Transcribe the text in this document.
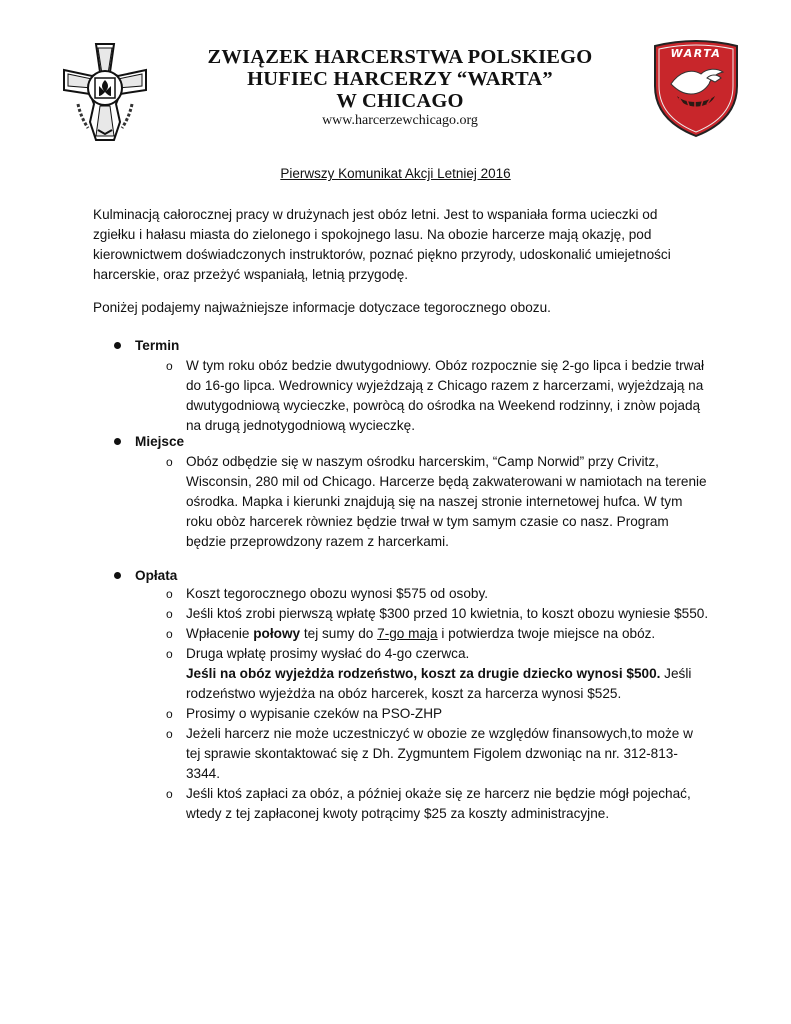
ZWIĄZEK HARCERSTWA POLSKIEGO
HUFIEC HARCERZY “WARTA”
W CHICAGO
www.harcerzewchicago.org
WARTA
Pierwszy Komunikat Akcji Letniej 2016
Kulminacją całorocznej pracy w drużynach jest obóz letni. Jest to wspaniała forma ucieczki od zgiełku i hałasu miasta do zielonego i spokojnego lasu. Na obozie harcerze mają okazję, pod kierownictwem doświadczonych instruktorów, poznać piękno przyrody, udoskonalić umiejetności harcerskie, oraz przeżyć wspaniałą, letnią przygodę.
Poniżej podajemy najważniejsze informacje dotyczace tegorocznego obozu.
Termin
o W tym roku obóz bedzie dwutygodniowy. Obóz rozpocznie się 2-go lipca i bedzie trwał do 16-go lipca. Wedrownicy wyjeżdzają z Chicago razem z harcerzami, wyjeżdzają na dwutygodniową wycieczke, powròcą do ośrodka na Weekend rodzinny, i znòw pojadą na drugą jednotygodniową wycieczkę.
Miejsce
o Obóz odbędzie się w naszym ośrodku harcerskim, “Camp Norwid” przy Crivitz, Wisconsin, 280 mil od Chicago. Harcerze będą zakwaterowani w namiotach na terenie ośrodka. Mapka i kierunki znajdują się na naszej stronie internetowej hufca. W tym roku obòz harcerek ròwniez będzie trwał w tym samym czasie co nasz. Program będzie przeprowdzony razem z harcerkami.
Opłata
o Koszt tegorocznego obozu wynosi $575 od osoby.
o Jeśli ktoś zrobi pierwszą wpłatę $300 przed 10 kwietnia, to koszt obozu wyniesie $550.
o Wpłacenie połowy tej sumy do 7-go maja i potwierdza twoje miejsce na obóz.
o Druga wpłatę prosimy wysłać do 4-go czerwca.
Jeśli na obóz wyjeżdża rodzeństwo, koszt za drugie dziecko wynosi $500. Jeśli rodzeństwo wyjeżdża na obóz harcerek, koszt za harcerza wynosi $525.
o Prosimy o wypisanie czeków na PSO-ZHP
o Jeżeli harcerz nie może uczestniczyć w obozie ze względów finansowych,to może w tej sprawie skontaktować się z Dh. Zygmuntem Figolem dzwoniąc na nr. 312-813-3344.
o Jeśli ktoś zapłaci za obóz, a później okaże się ze harcerz nie będzie mógł pojechać, wtedy z tej zapłaconej kwoty potrącimy $25 za koszty administracyjne.
